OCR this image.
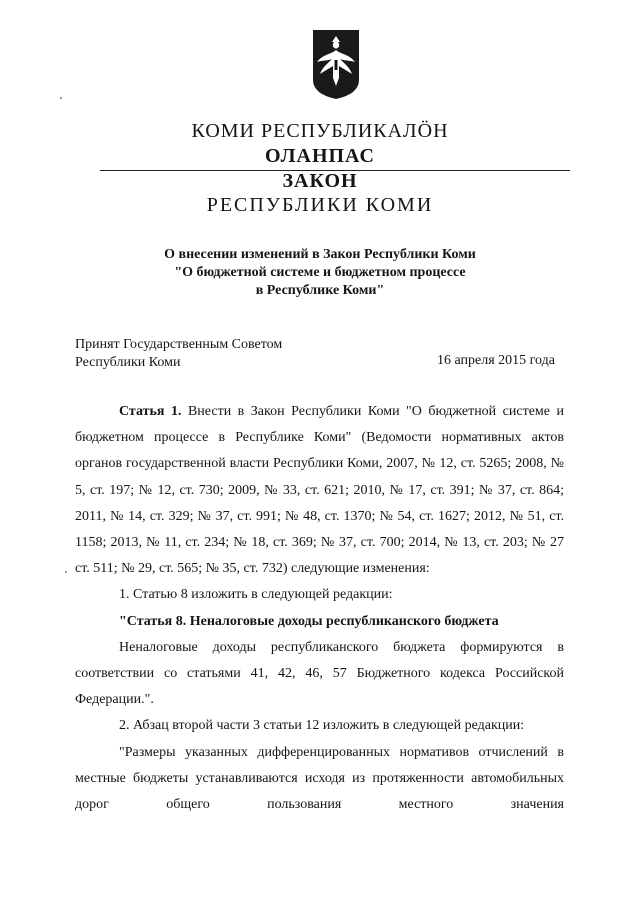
КОМИ РЕСПУБЛИКАЛÖН
ОЛАНПАС
ЗАКОН
РЕСПУБЛИКИ КОМИ
О внесении изменений в Закон Республики Коми
"О бюджетной системе и бюджетном процессе
в Республике Коми"
Принят Государственным Советом
Республики Коми	16 апреля 2015 года

Статья 1. Внести в Закон Республики Коми "О бюджетной системе и бюджетном процессе в Республике Коми" (Ведомости нормативных актов органов государственной власти Республики Коми, 2007, № 12, ст. 5265; 2008, № 5, ст. 197; № 12, ст. 730; 2009, № 33, ст. 621; 2010, № 17, ст. 391; № 37, ст. 864; 2011, № 14, ст. 329; № 37, ст. 991; № 48, ст. 1370; № 54, ст. 1627; 2012, № 51, ст. 1158; 2013, № 11, ст. 234; № 18, ст. 369; № 37, ст. 700; 2014, № 13, ст. 203; № 27 ст. 511; № 29, ст. 565; № 35, ст. 732) следующие изменения:

1. Статью 8 изложить в следующей редакции:

"Статья 8. Неналоговые доходы республиканского бюджета

Неналоговые доходы республиканского бюджета формируются в соответствии со статьями 41, 42, 46, 57 Бюджетного кодекса Российской Федерации.".

2. Абзац второй части 3 статьи 12 изложить в следующей редакции:

"Размеры указанных дифференцированных нормативов отчислений в местные бюджеты устанавливаются исходя из протяженности автомобильных дорог общего пользования местного значения
